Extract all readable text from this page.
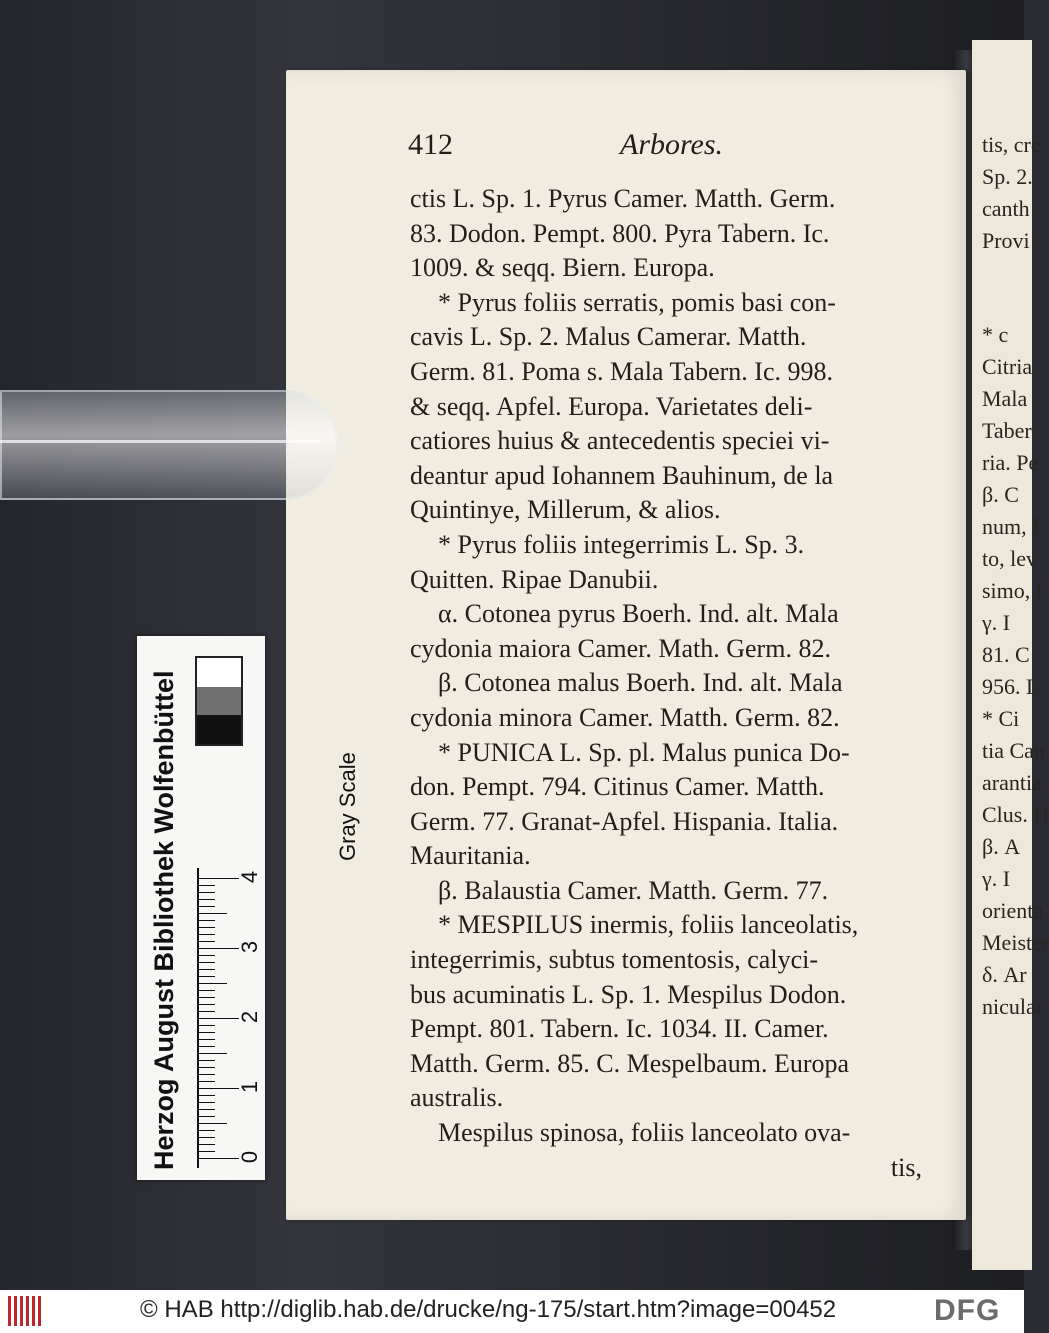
tis, cre
Sp. 2.
canth
Provi
* c
Citria
Mala
Taber
ria. Pe
β. C
num, f
to, lev
simo, f
γ. I
81. C
956. L
* Ci
tia Can
arantia
Clus. H
β. A
γ. I
orienta
Meister
δ. Ar
nicular
412	Arbores.
ctis L. Sp. 1. Pyrus Camer. Matth. Germ.
83. Dodon. Pempt. 800. Pyra Tabern. Ic.
1009. & seqq. Biern. Europa.
* Pyrus foliis serratis, pomis basi con-
cavis L. Sp. 2. Malus Camerar. Matth.
Germ. 81. Poma s. Mala Tabern. Ic. 998.
& seqq. Apfel. Europa. Varietates deli-
catiores huius & antecedentis speciei vi-
deantur apud Iohannem Bauhinum, de la
Quintinye, Millerum, & alios.
* Pyrus foliis integerrimis L. Sp. 3.
Quitten. Ripae Danubii.
α. Cotonea pyrus Boerh. Ind. alt. Mala
cydonia maiora Camer. Math. Germ. 82.
β. Cotonea malus Boerh. Ind. alt. Mala
cydonia minora Camer. Matth. Germ. 82.
* PUNICA L. Sp. pl. Malus punica Do-
don. Pempt. 794. Citinus Camer. Matth.
Germ. 77. Granat-Apfel. Hispania. Italia.
Mauritania.
β. Balaustia Camer. Matth. Germ. 77.
* MESPILUS inermis, foliis lanceolatis,
integerrimis, subtus tomentosis, calyci-
bus acuminatis L. Sp. 1. Mespilus Dodon.
Pempt. 801. Tabern. Ic. 1034. II. Camer.
Matth. Germ. 85. C. Mespelbaum. Europa
australis.
Mespilus spinosa, foliis lanceolato ova-
tis,
Herzog August Bibliothek Wolfenbüttel	Gray Scale
0
1
2
3
4
© HAB http://diglib.hab.de/drucke/ng-175/start.htm?image=00452	DFG
